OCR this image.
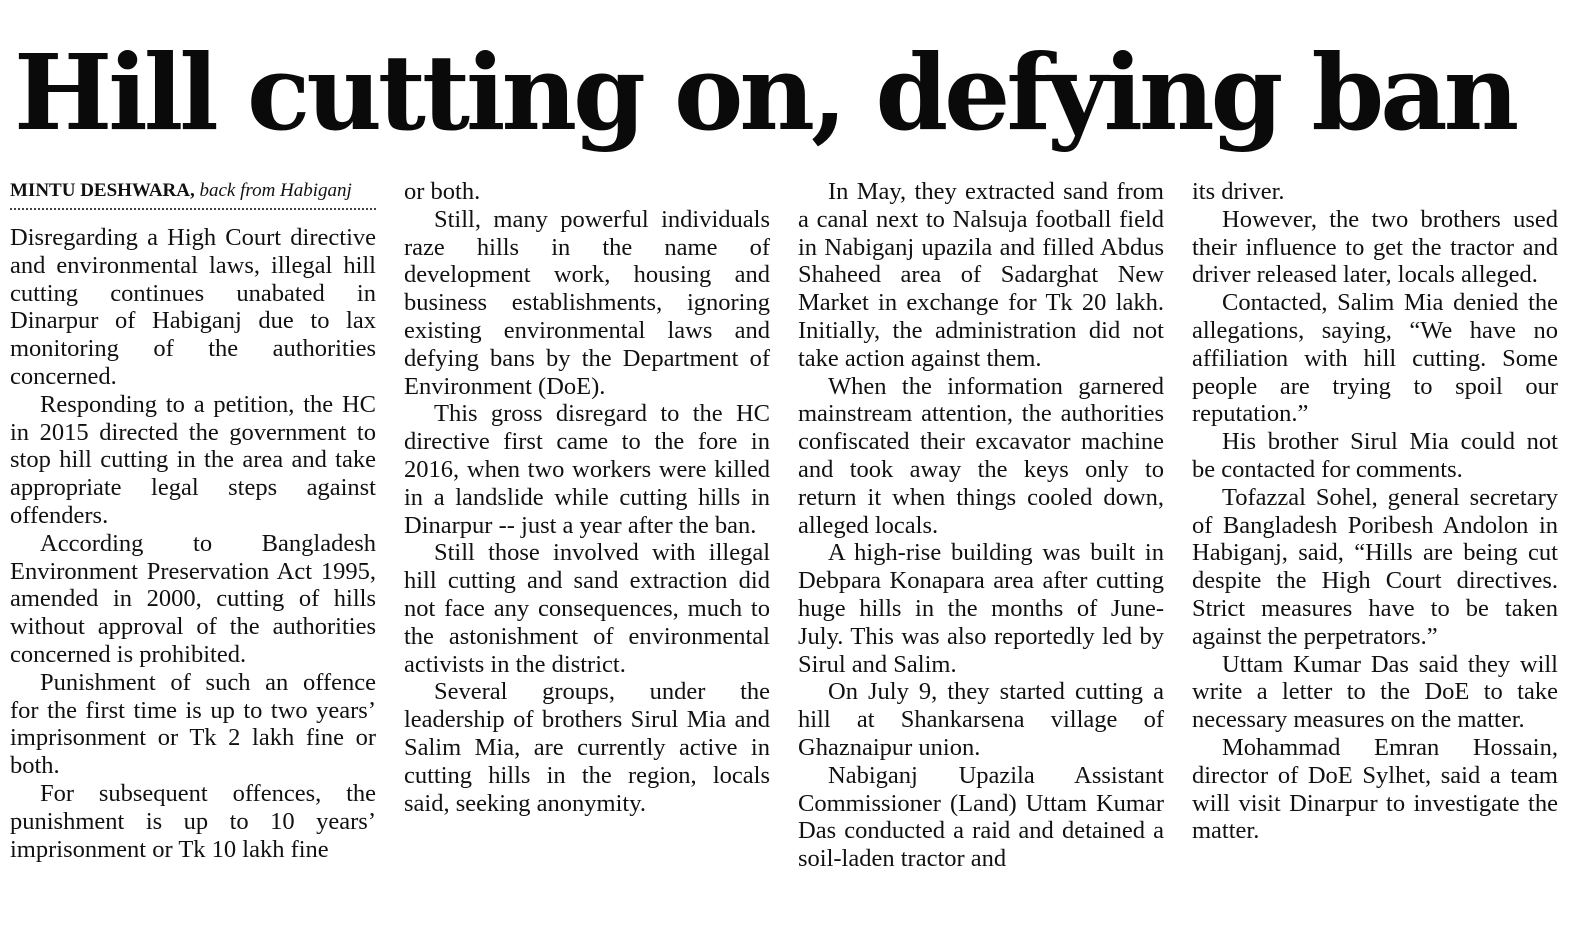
Hill cutting on, defying ban
MINTU DESHWARA, back from Habiganj

Disregarding a High Court directive and environmental laws, illegal hill cutting continues unabated in Dinarpur of Habiganj due to lax monitoring of the authorities concerned.

Responding to a petition, the HC in 2015 directed the government to stop hill cutting in the area and take appropriate legal steps against offenders.

According to Bangladesh Environment Preservation Act 1995, amended in 2000, cutting of hills without approval of the authorities concerned is prohibited.

Punishment of such an offence for the first time is up to two years’ imprisonment or Tk 2 lakh fine or both.

For subsequent offences, the punishment is up to 10 years’ imprisonment or Tk 10 lakh fine

or both.

Still, many powerful individuals raze hills in the name of development work, housing and business establishments, ignoring existing environmental laws and defying bans by the Department of Environment (DoE).

This gross disregard to the HC directive first came to the fore in 2016, when two workers were killed in a landslide while cutting hills in Dinarpur -- just a year after the ban.

Still those involved with illegal hill cutting and sand extraction did not face any consequences, much to the astonishment of environmental activists in the district.

Several groups, under the leadership of brothers Sirul Mia and Salim Mia, are currently active in cutting hills in the region, locals said, seeking anonymity.

In May, they extracted sand from a canal next to Nalsuja football field in Nabiganj upazila and filled Abdus Shaheed area of Sadarghat New Market in exchange for Tk 20 lakh. Initially, the administration did not take action against them.

When the information garnered mainstream attention, the authorities confiscated their excavator machine and took away the keys only to return it when things cooled down, alleged locals.

A high-rise building was built in Debpara Konapara area after cutting huge hills in the months of June-July. This was also reportedly led by Sirul and Salim.

On July 9, they started cutting a hill at Shankarsena village of Ghaznaipur union.

Nabiganj Upazila Assistant Commissioner (Land) Uttam Kumar Das conducted a raid and detained a soil-laden tractor and

its driver.

However, the two brothers used their influence to get the tractor and driver released later, locals alleged.

Contacted, Salim Mia denied the allegations, saying, “We have no affiliation with hill cutting. Some people are trying to spoil our reputation.”

His brother Sirul Mia could not be contacted for comments.

Tofazzal Sohel, general secretary of Bangladesh Poribesh Andolon in Habiganj, said, “Hills are being cut despite the High Court directives. Strict measures have to be taken against the perpetrators.”

Uttam Kumar Das said they will write a letter to the DoE to take necessary measures on the matter.

Mohammad Emran Hossain, director of DoE Sylhet, said a team will visit Dinarpur to investigate the matter.
